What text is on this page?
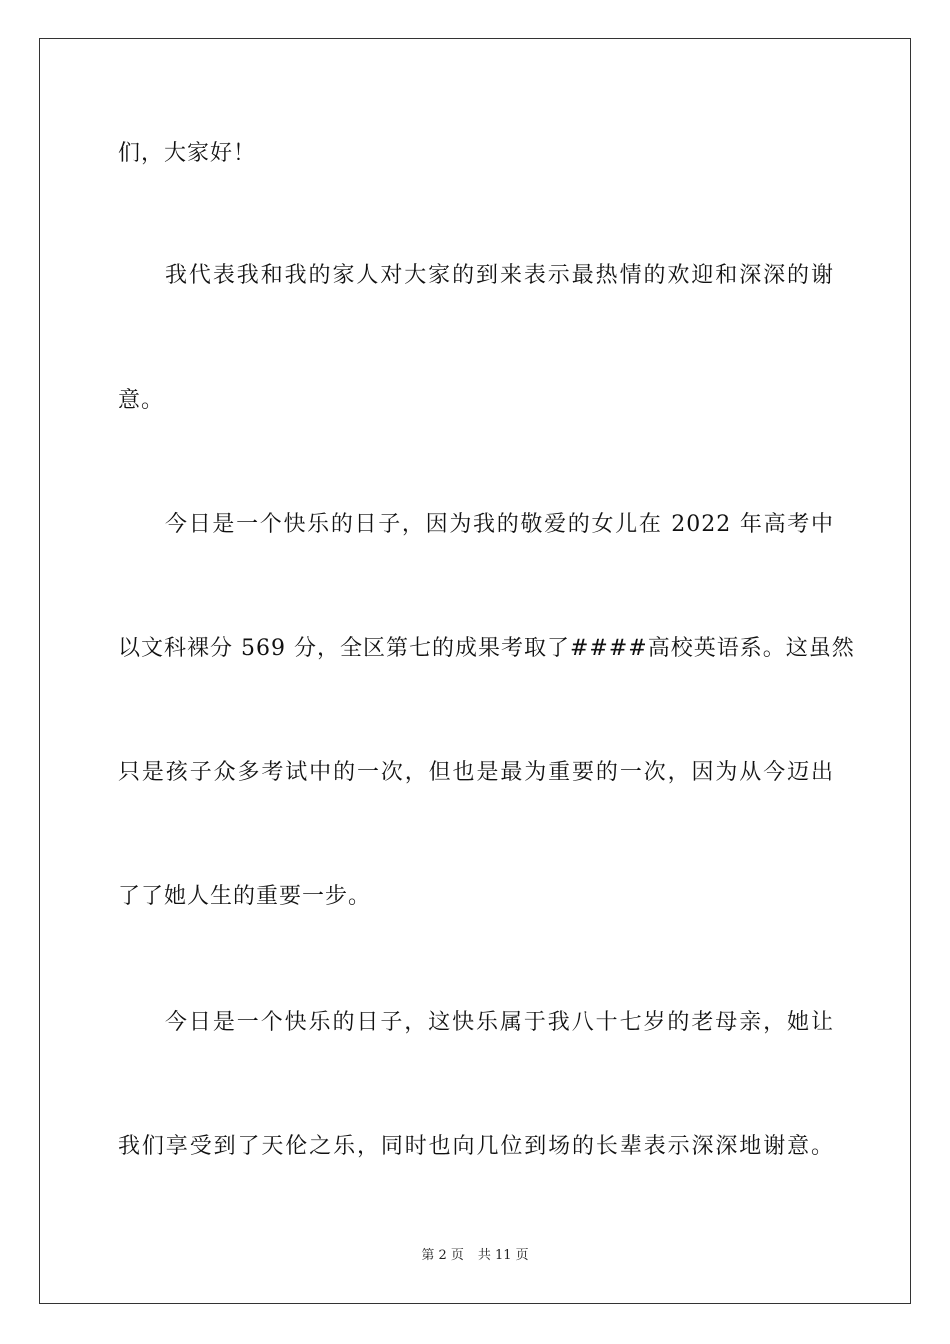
们，大家好！
我代表我和我的家人对大家的到来表示最热情的欢迎和深深的谢
意。
今日是一个快乐的日子，因为我的敬爱的女儿在 2022 年高考中
以文科裸分 569 分，全区第七的成果考取了####高校英语系。这虽然
只是孩子众多考试中的一次，但也是最为重要的一次，因为从今迈出
了了她人生的重要一步。
今日是一个快乐的日子，这快乐属于我八十七岁的老母亲，她让
我们享受到了天伦之乐，同时也向几位到场的长辈表示深深地谢意。
第 2 页 共 11 页
